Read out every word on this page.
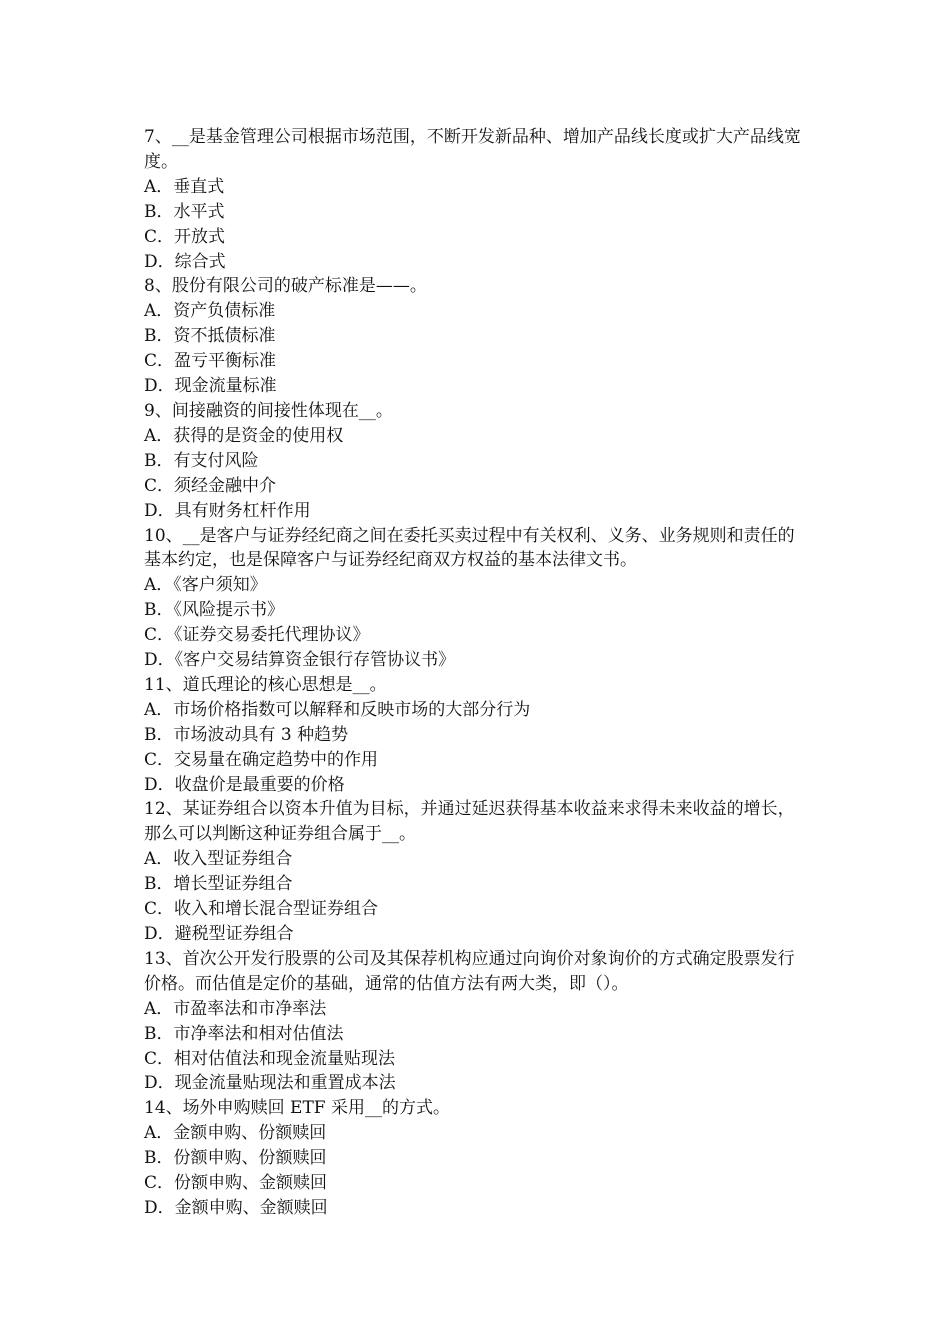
7、__是基金管理公司根据市场范围，不断开发新品种、增加产品线长度或扩大产品线宽度。

A．垂直式

B．水平式

C．开放式

D．综合式

8、股份有限公司的破产标准是——。

A．资产负债标准

B．资不抵债标准

C．盈亏平衡标准

D．现金流量标准

9、间接融资的间接性体现在__。

A．获得的是资金的使用权

B．有支付风险

C．须经金融中介

D．具有财务杠杆作用

10、__是客户与证券经纪商之间在委托买卖过程中有关权利、义务、业务规则和责任的基本约定，也是保障客户与证券经纪商双方权益的基本法律文书。

A．《客户须知》

B．《风险提示书》

C．《证券交易委托代理协议》

D．《客户交易结算资金银行存管协议书》

11、道氏理论的核心思想是__。

A．市场价格指数可以解释和反映市场的大部分行为

B．市场波动具有 3 种趋势

C．交易量在确定趋势中的作用

D．收盘价是最重要的价格

12、某证券组合以资本升值为目标，并通过延迟获得基本收益来求得未来收益的增长，那么可以判断这种证券组合属于__。

A．收入型证券组合

B．增长型证券组合

C．收入和增长混合型证券组合

D．避税型证券组合

13、首次公开发行股票的公司及其保荐机构应通过向询价对象询价的方式确定股票发行价格。而估值是定价的基础，通常的估值方法有两大类，即（）。

A．市盈率法和市净率法

B．市净率法和相对估值法

C．相对估值法和现金流量贴现法

D．现金流量贴现法和重置成本法

14、场外申购赎回 ETF 采用__的方式。

A．金额申购、份额赎回

B．份额申购、份额赎回

C．份额申购、金额赎回

D．金额申购、金额赎回
